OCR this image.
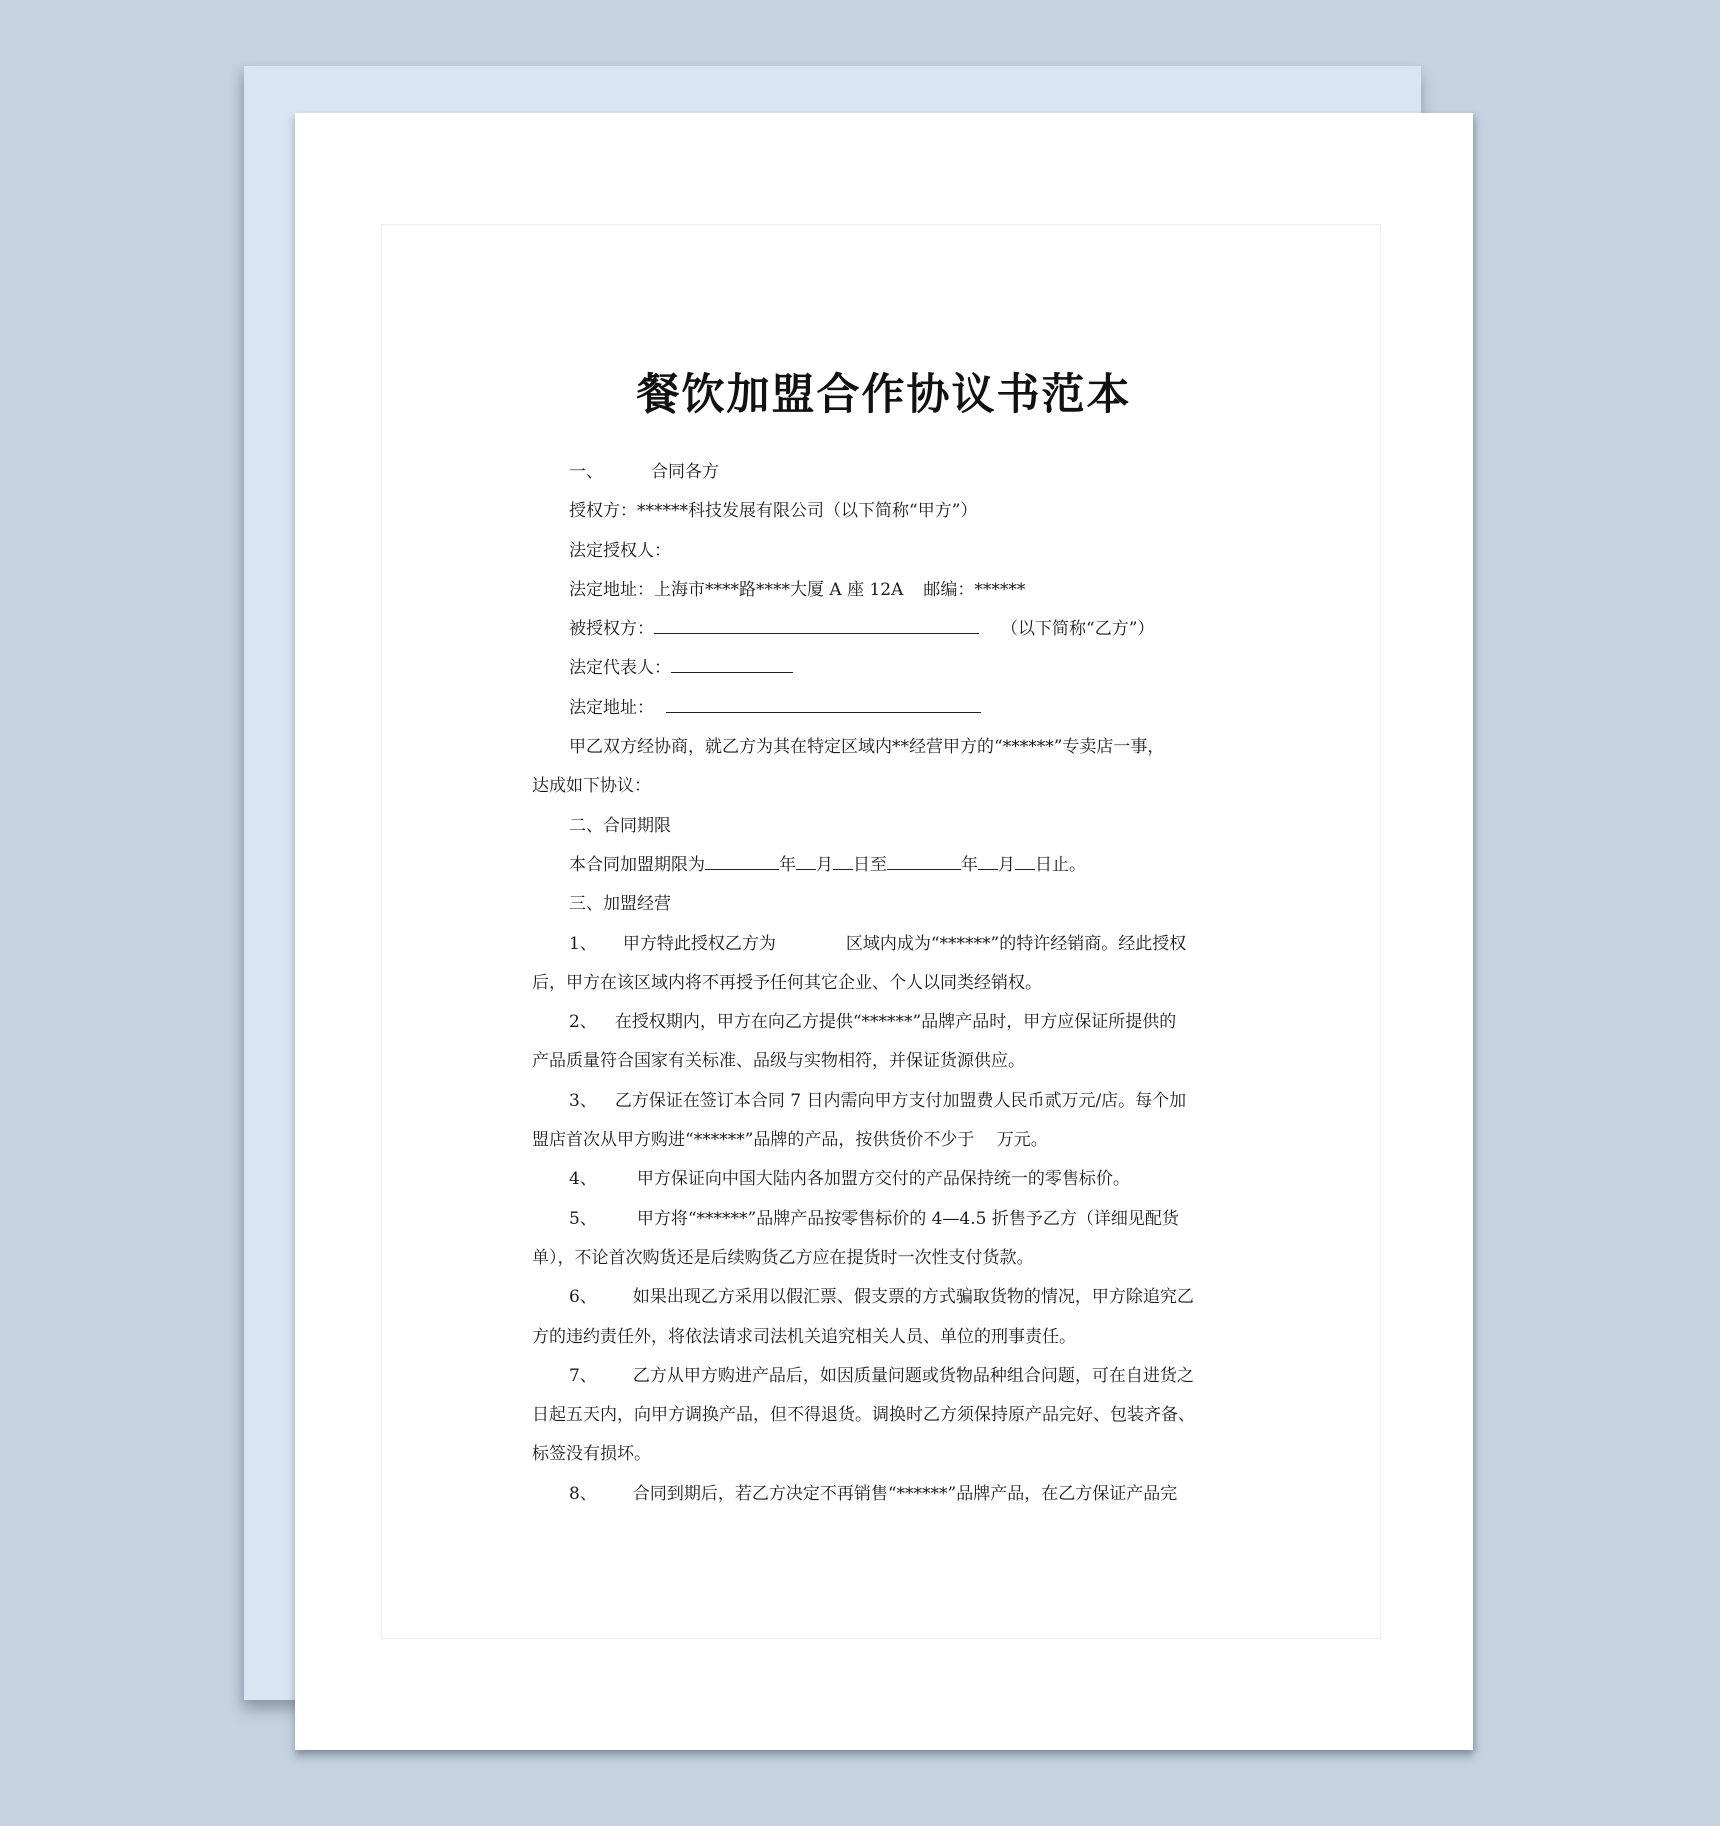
餐饮加盟合作协议书范本
一、	合同各方
授权方：******科技发展有限公司（以下简称“甲方”）
法定授权人：
法定地址：上海市****路****大厦 A 座 12A 邮编：******
被授权方：	（以下简称“乙方”）
法定代表人：
法定地址：
甲乙双方经协商，就乙方为其在特定区域内**经营甲方的“******”专卖店一事，
达成如下协议：
二、合同期限
本合同加盟期限为	年 月 日至	年 月 日止。
三、加盟经营
1、 甲方特此授权乙方为	区域内成为“******”的特许经销商。经此授权
后，甲方在该区域内将不再授予任何其它企业、个人以同类经销权。
2、 在授权期内，甲方在向乙方提供“******”品牌产品时，甲方应保证所提供的
产品质量符合国家有关标准、品级与实物相符，并保证货源供应。
3、 乙方保证在签订本合同 7 日内需向甲方支付加盟费人民币贰万元/店。每个加
盟店首次从甲方购进“******”品牌的产品，按供货价不少于　 万元。
4、 甲方保证向中国大陆内各加盟方交付的产品保持统一的零售标价。
5、 甲方将“******”品牌产品按零售标价的 4—4.5 折售予乙方（详细见配货
单），不论首次购货还是后续购货乙方应在提货时一次性支付货款。
6、 如果出现乙方采用以假汇票、假支票的方式骗取货物的情况，甲方除追究乙
方的违约责任外，将依法请求司法机关追究相关人员、单位的刑事责任。
7、 乙方从甲方购进产品后，如因质量问题或货物品种组合问题，可在自进货之
日起五天内，向甲方调换产品，但不得退货。调换时乙方须保持原产品完好、包装齐备、
标签没有损坏。
8、 合同到期后，若乙方决定不再销售“******”品牌产品，在乙方保证产品完
